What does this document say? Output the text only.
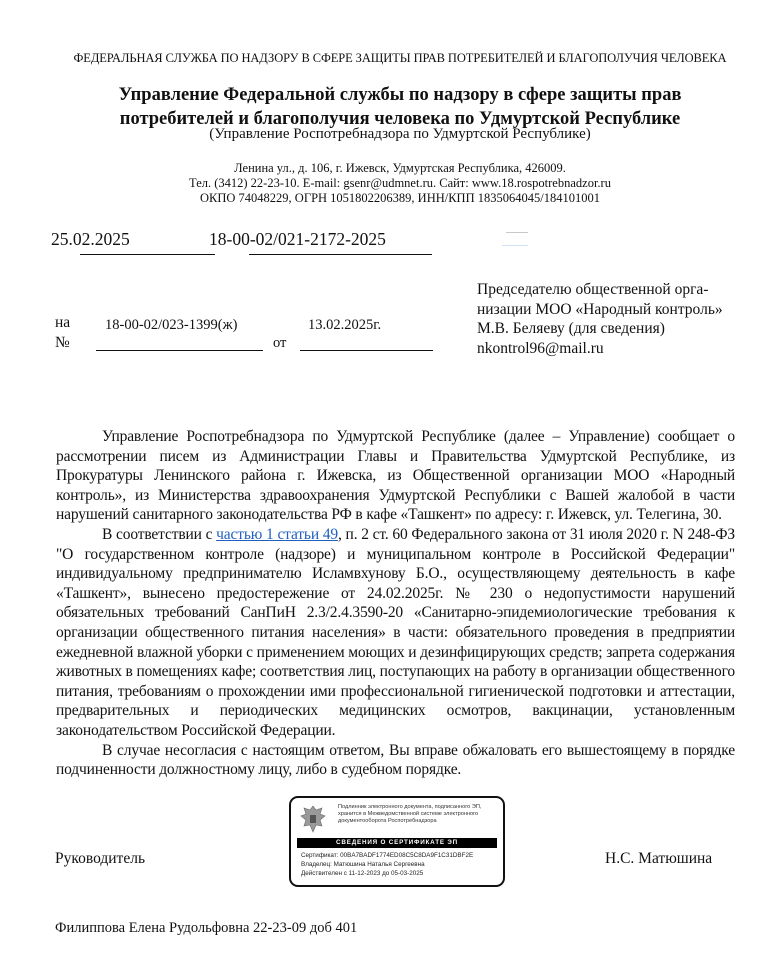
ФЕДЕРАЛЬНАЯ СЛУЖБА ПО НАДЗОРУ В СФЕРЕ ЗАЩИТЫ ПРАВ ПОТРЕБИТЕЛЕЙ И БЛАГОПОЛУЧИЯ ЧЕЛОВЕКА
Управление Федеральной службы по надзору в сфере защиты прав
потребителей и благополучия человека по Удмуртской Республике
(Управление Роспотребнадзора по Удмуртской Республике)
Ленина ул., д. 106, г. Ижевск, Удмуртская Республика, 426009.
Тел. (3412) 22-23-10. E-mail: gsenr@udmnet.ru. Сайт: www.18.rospotrebnadzor.ru
ОКПО 74048229, ОГРН 1051802206389, ИНН/КПП 1835064045/184101001
25.02.2025	18-00-02/021-2172-2025
на
№
18-00-02/023-1399(ж)
от
13.02.2025г.
Председателю общественной орга-
низации МОО «Народный контроль»
М.В. Беляеву (для сведения)
nkontrol96@mail.ru

Управление Роспотребнадзора по Удмуртской Республике (далее – Управление) сообщает о рассмотрении писем из Администрации Главы и Правительства Удмуртской Республике, из Прокуратуры Ленинского района г. Ижевска, из Общественной организации МОО «Народный контроль», из Министерства здравоохранения Удмуртской Республики с Вашей жалобой в части нарушений санитарного законодательства РФ в кафе «Ташкент» по адресу: г. Ижевск, ул. Телегина, 30.

В соответствии с частью 1 статьи 49, п. 2 ст. 60 Федерального закона от 31 июля 2020 г. N 248-ФЗ "О государственном контроле (надзоре) и муниципальном контроле в Российской Федерации" индивидуальному предпринимателю Исламвхунову Б.О., осуществляющему деятельность в кафе «Ташкент», вынесено предостережение от 24.02.2025г. № 230 о недопустимости нарушений обязательных требований СанПиН 2.3/2.4.3590-20 «Санитарно-эпидемиологические требования к организации общественного питания населения» в части: обязательного проведения в предприятии ежедневной влажной уборки с применением моющих и дезинфицирующих средств; запрета содержания животных в помещениях кафе; соответствия лиц, поступающих на работу в организации общественного питания, требованиям о прохождении ими профессиональной гигиенической подготовки и аттестации, предварительных и периодических медицинских осмотров, вакцинации, установленным законодательством Российской Федерации.

В случае несогласия с настоящим ответом, Вы вправе обжаловать его вышестоящему в порядке подчиненности должностному лицу, либо в судебном порядке.

Подлинник электронного документа, подписанного ЭП, хранится в Межведомственной системе электронного документооборота Роспотребнадзора
СВЕДЕНИЯ О СЕРТИФИКАТЕ ЭП
Сертификат: 00BA7BADF1774ED08C5C8DA9F1C31DBF2E
Владелец: Матюшина Наталья Сергеевна
Действителен с 11-12-2023 до 05-03-2025
Руководитель	Н.С. Матюшина
Филиппова Елена Рудольфовна 22-23-09 доб 401
